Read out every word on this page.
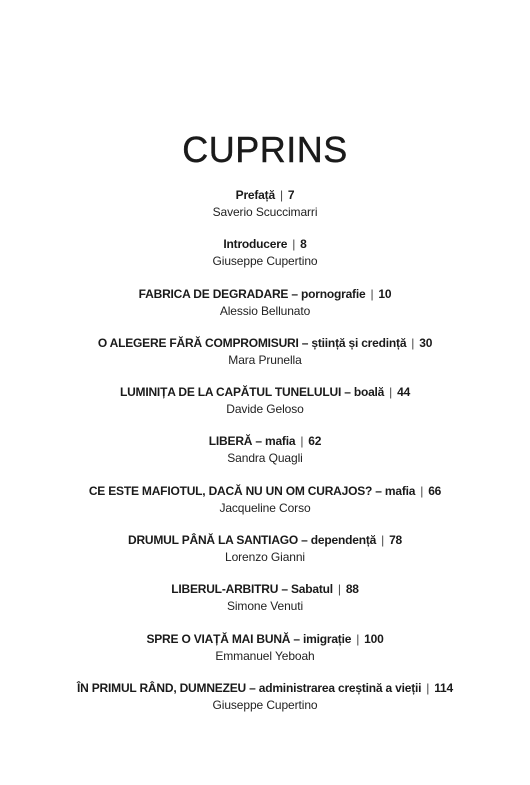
CUPRINS
Prefață | 7
Saverio Scuccimarri
Introducere | 8
Giuseppe Cupertino
FABRICA DE DEGRADARE – pornografie | 10
Alessio Bellunato
O ALEGERE FĂRĂ COMPROMISURI – știință și credință | 30
Mara Prunella
LUMINIȚA DE LA CAPĂTUL TUNELULUI – boală | 44
Davide Geloso
LIBERĂ – mafia | 62
Sandra Quagli
CE ESTE MAFIOTUL, DACĂ NU UN OM CURAJOS? – mafia | 66
Jacqueline Corso
DRUMUL PÂNĂ LA SANTIAGO – dependență | 78
Lorenzo Gianni
LIBERUL-ARBITRU – Sabatul | 88
Simone Venuti
SPRE O VIAȚĂ MAI BUNĂ – imigrație | 100
Emmanuel Yeboah
ÎN PRIMUL RÂND, DUMNEZEU – administrarea creștină a vieții | 114
Giuseppe Cupertino
